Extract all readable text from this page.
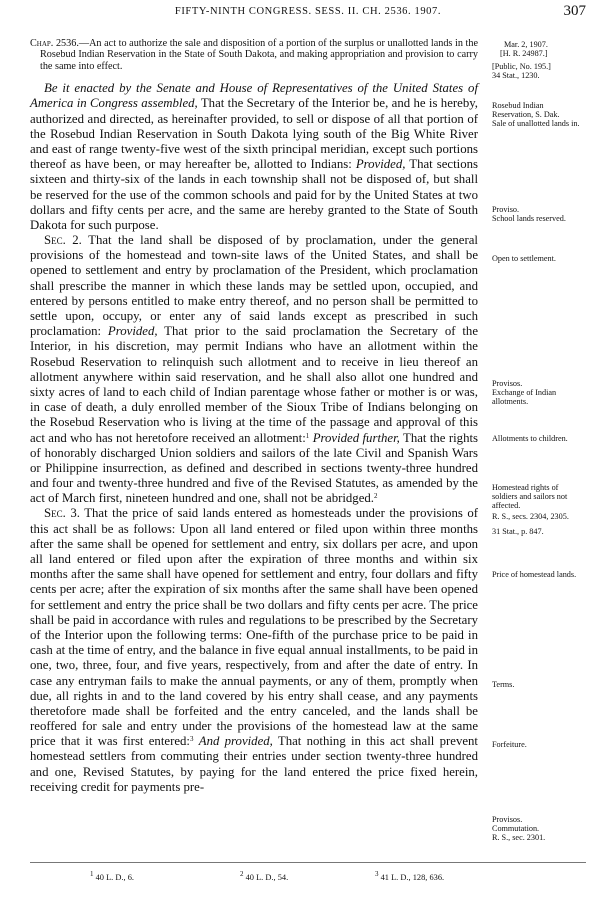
FIFTY-NINTH CONGRESS. SESS. II. CH. 2536. 1907.	307

Chap. 2536.—An act to authorize the sale and disposition of a portion of the surplus or unallotted lands in the Rosebud Indian Reservation in the State of South Dakota, and making appropriation and provision to carry the same into effect.

Be it enacted by the Senate and House of Representatives of the United States of America in Congress assembled, That the Secretary of the Interior be, and he is hereby, authorized and directed, as hereinafter provided, to sell or dispose of all that portion of the Rosebud Indian Reservation in South Dakota lying south of the Big White River and east of range twenty-five west of the sixth principal meridian, except such portions thereof as have been, or may hereafter be, allotted to Indians: Provided, That sections sixteen and thirty-six of the lands in each township shall not be disposed of, but shall be reserved for the use of the common schools and paid for by the United States at two dollars and fifty cents per acre, and the same are hereby granted to the State of South Dakota for such purpose.

Sec. 2. That the land shall be disposed of by proclamation, under the general provisions of the homestead and town-site laws of the United States, and shall be opened to settlement and entry by proclamation of the President, which proclamation shall prescribe the manner in which these lands may be settled upon, occupied, and entered by persons entitled to make entry thereof, and no person shall be permitted to settle upon, occupy, or enter any of said lands except as prescribed in such proclamation: Provided, That prior to the said proclamation the Secretary of the Interior, in his discretion, may permit Indians who have an allotment within the Rosebud Reservation to relinquish such allotment and to receive in lieu thereof an allotment anywhere within said reservation, and he shall also allot one hundred and sixty acres of land to each child of Indian parentage whose father or mother is or was, in case of death, a duly enrolled member of the Sioux Tribe of Indians belonging on the Rosebud Reservation who is living at the time of the passage and approval of this act and who has not heretofore received an allotment:$^1$ Provided further, That the rights of honorably discharged Union soldiers and sailors of the late Civil and Spanish Wars or Philippine insurrection, as defined and described in sections twenty-three hundred and four and twenty-three hundred and five of the Revised Statutes, as amended by the act of March first, nineteen hundred and one, shall not be abridged.$^2$

Sec. 3. That the price of said lands entered as homesteads under the provisions of this act shall be as follows: Upon all land entered or filed upon within three months after the same shall be opened for settlement and entry, six dollars per acre, and upon all land entered or filed upon after the expiration of three months and within six months after the same shall have opened for settlement and entry, four dollars and fifty cents per acre; after the expiration of six months after the same shall have been opened for settlement and entry the price shall be two dollars and fifty cents per acre. The price shall be paid in accordance with rules and regulations to be prescribed by the Secretary of the Interior upon the following terms: One-fifth of the purchase price to be paid in cash at the time of entry, and the balance in five equal annual installments, to be paid in one, two, three, four, and five years, respectively, from and after the date of entry. In case any entryman fails to make the annual payments, or any of them, promptly when due, all rights in and to the land covered by his entry shall cease, and any payments theretofore made shall be forfeited and the entry canceled, and the lands shall be reoffered for sale and entry under the provisions of the homestead law at the same price that it was first entered:$^3$ And provided, That nothing in this act shall prevent homestead settlers from commuting their entries under section twenty-three hundred and one, Revised Statutes, by paying for the land entered the price fixed herein, receiving credit for payments pre-

Mar. 2, 1907.
[H. R. 24987.]
[Public, No. 195.]
34 Stat., 1230.
Rosebud Indian Reservation, S. Dak.
Sale of unallotted lands in.
Proviso.
School lands reserved.
Open to settlement.
Provisos.
Exchange of Indian allotments.
Allotments to children.
Homestead rights of soldiers and sailors not affected.
R. S., secs. 2304, 2305.
31 Stat., p. 847.
Price of homestead lands.
Terms.
Forfeiture.
Provisos.
Commutation.
R. S., sec. 2301.
$^1$ 40 L. D., 6.	$^2$ 40 L. D., 54.	$^3$ 41 L. D., 128, 636.
